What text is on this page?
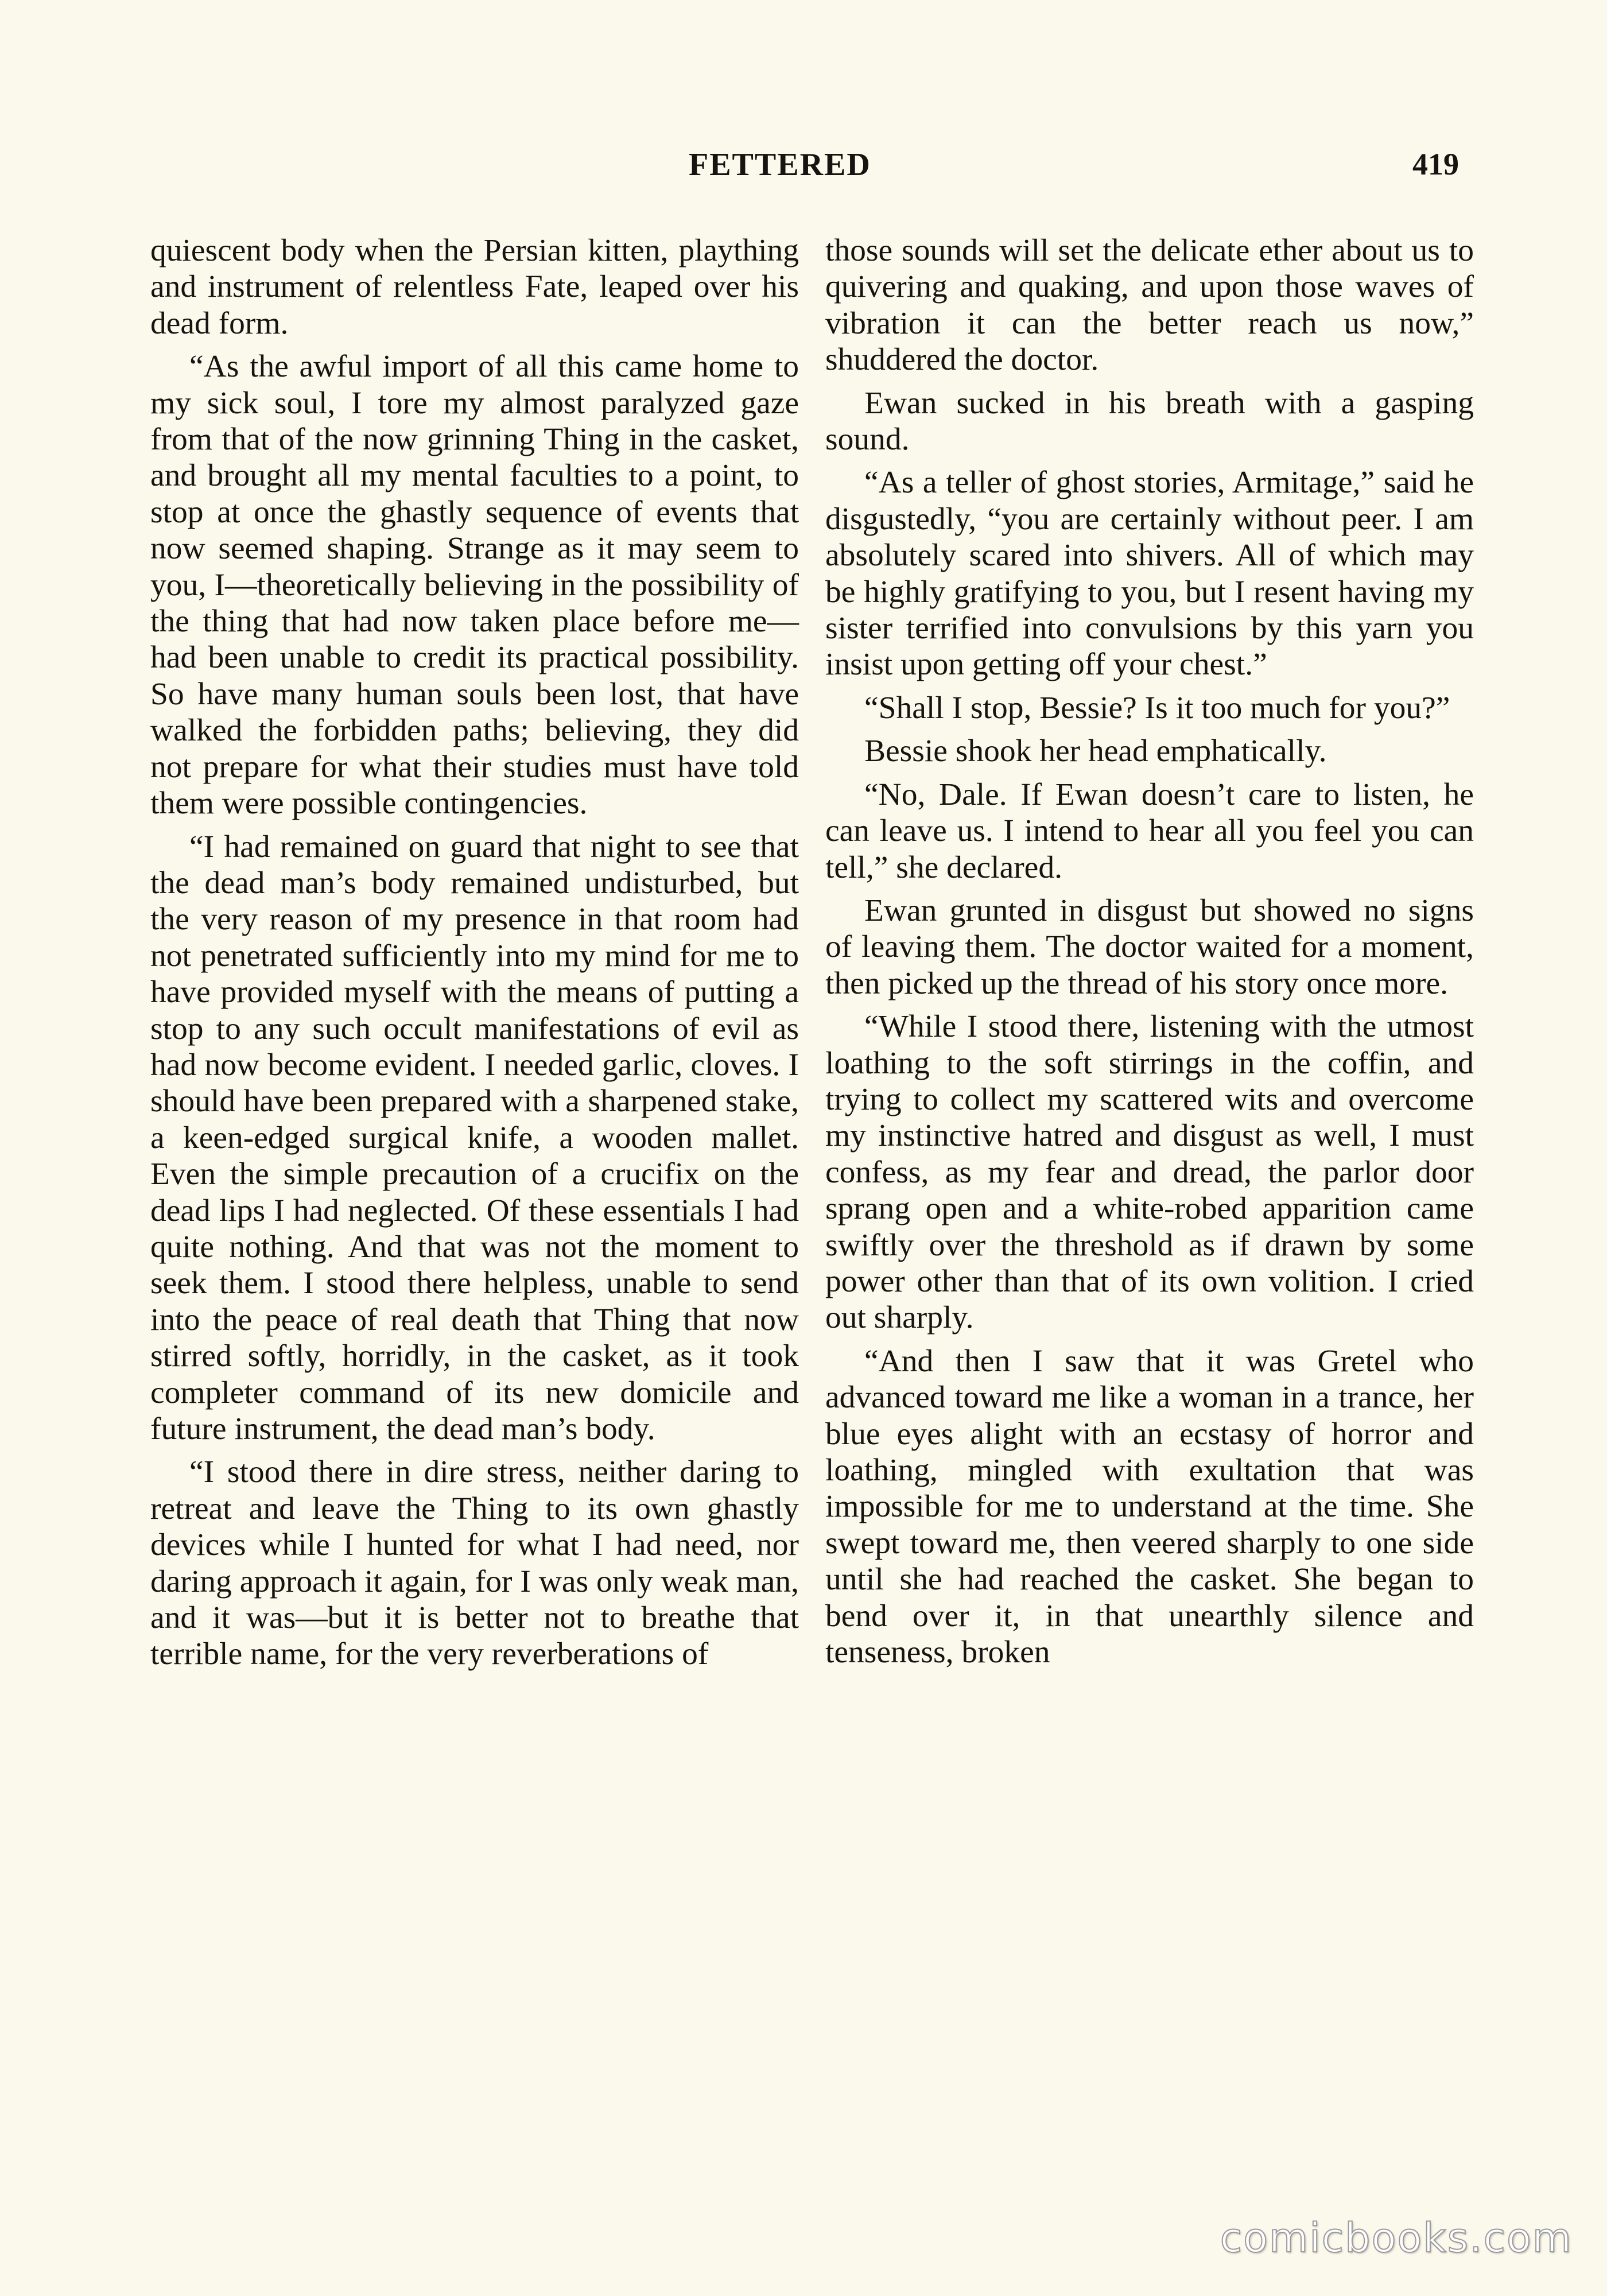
FETTERED	419

quiescent body when the Persian kitten, plaything and instrument of relentless Fate, leaped over his dead form.

“As the awful import of all this came home to my sick soul, I tore my almost paralyzed gaze from that of the now grinning Thing in the casket, and brought all my mental faculties to a point, to stop at once the ghastly sequence of events that now seemed shaping. Strange as it may seem to you, I—theoretically believing in the possibility of the thing that had now taken place before me—had been unable to credit its practical possibility. So have many human souls been lost, that have walked the forbidden paths; believing, they did not prepare for what their studies must have told them were possible contingencies.

“I had remained on guard that night to see that the dead man’s body remained undisturbed, but the very reason of my presence in that room had not penetrated sufficiently into my mind for me to have provided myself with the means of putting a stop to any such occult manifestations of evil as had now become evident. I needed garlic, cloves. I should have been prepared with a sharpened stake, a keen-edged surgical knife, a wooden mallet. Even the simple precaution of a crucifix on the dead lips I had neglected. Of these essentials I had quite nothing. And that was not the moment to seek them. I stood there helpless, unable to send into the peace of real death that Thing that now stirred softly, horridly, in the casket, as it took completer command of its new domicile and future instrument, the dead man’s body.

“I stood there in dire stress, neither daring to retreat and leave the Thing to its own ghastly devices while I hunted for what I had need, nor daring approach it again, for I was only weak man, and it was—but it is better not to breathe that terrible name, for the very reverberations of

those sounds will set the delicate ether about us to quivering and quaking, and upon those waves of vibration it can the better reach us now,” shuddered the doctor.

Ewan sucked in his breath with a gasping sound.

“As a teller of ghost stories, Armitage,” said he disgustedly, “you are certainly without peer. I am absolutely scared into shivers. All of which may be highly gratifying to you, but I resent having my sister terrified into convulsions by this yarn you insist upon getting off your chest.”

“Shall I stop, Bessie? Is it too much for you?”

Bessie shook her head emphatically.

“No, Dale. If Ewan doesn’t care to listen, he can leave us. I intend to hear all you feel you can tell,” she declared.

Ewan grunted in disgust but showed no signs of leaving them. The doctor waited for a moment, then picked up the thread of his story once more.

“While I stood there, listening with the utmost loathing to the soft stirrings in the coffin, and trying to collect my scattered wits and overcome my instinctive hatred and disgust as well, I must confess, as my fear and dread, the parlor door sprang open and a white-robed apparition came swiftly over the threshold as if drawn by some power other than that of its own volition. I cried out sharply.

“And then I saw that it was Gretel who advanced toward me like a woman in a trance, her blue eyes alight with an ecstasy of horror and loathing, mingled with exultation that was impossible for me to understand at the time. She swept toward me, then veered sharply to one side until she had reached the casket. She began to bend over it, in that unearthly silence and tenseness, broken

comicbooks.com
